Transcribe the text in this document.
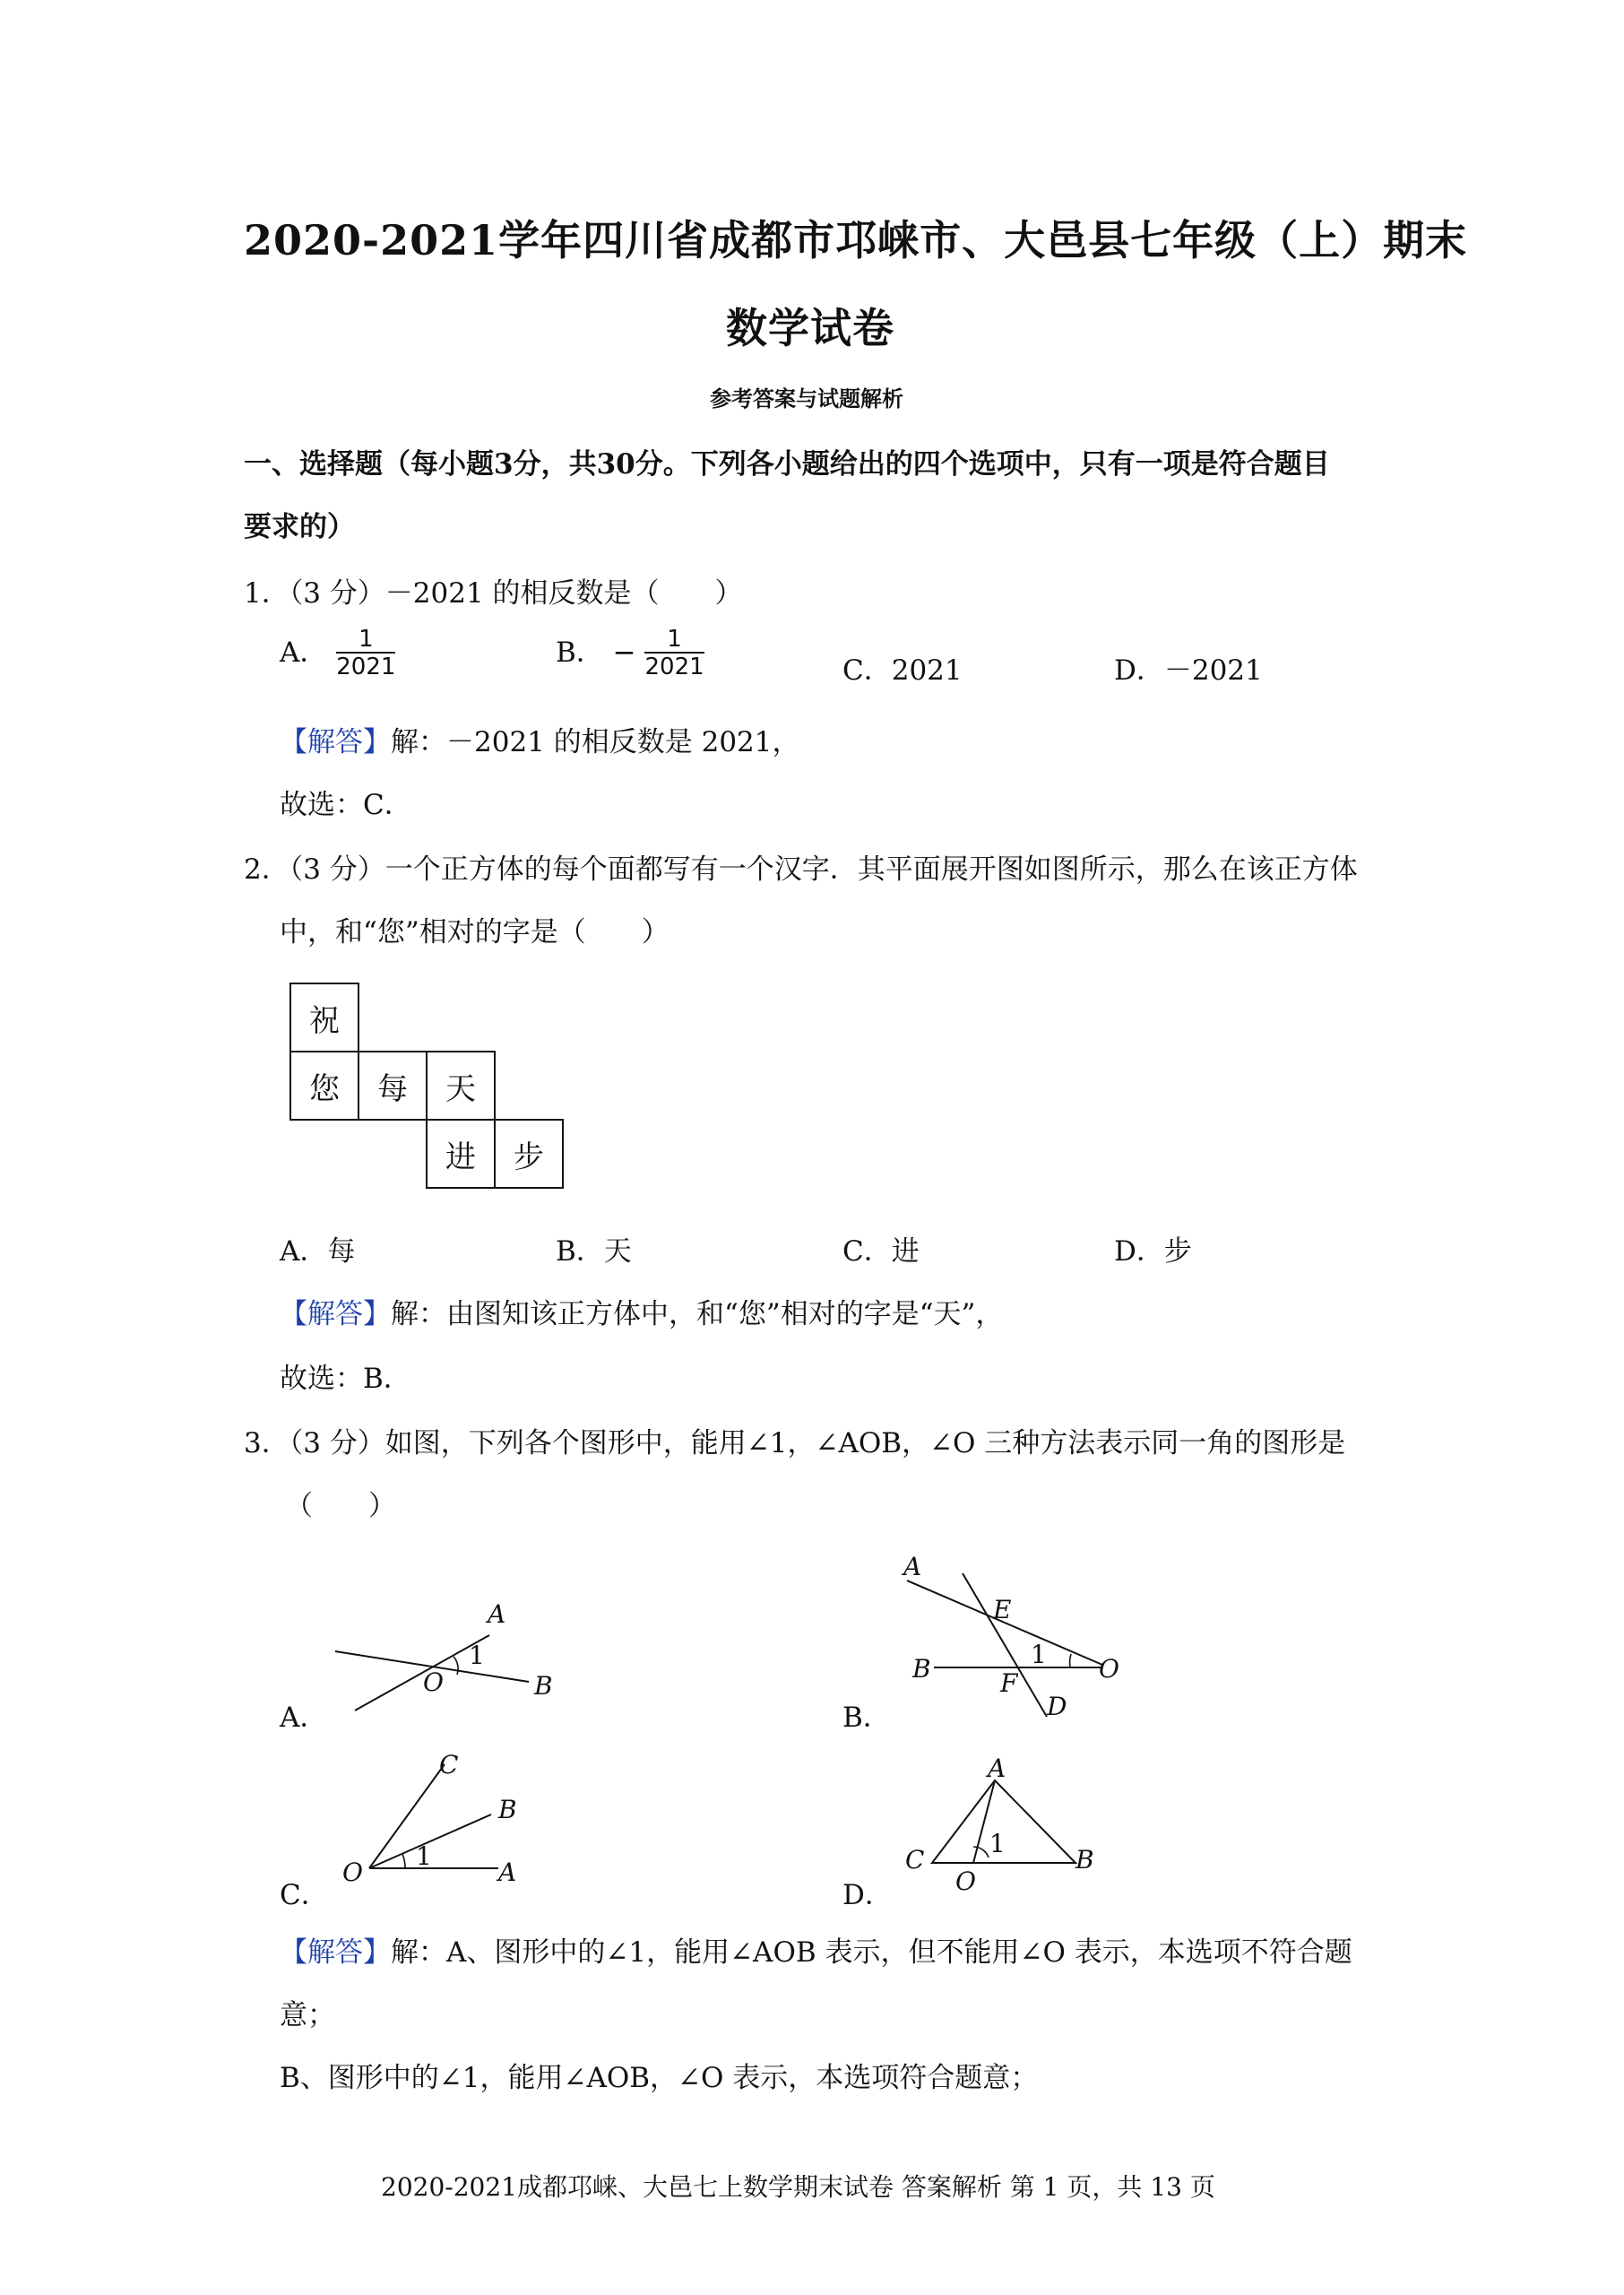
2020-2021学年四川省成都市邛崃市、大邑县七年级（上）期末
数学试卷
参考答案与试题解析
一、选择题（每小题3分，共30分。下列各小题给出的四个选项中，只有一项是符合题目
要求的）
1．（3 分）－2021 的相反数是（　　）
A． $\frac{1}{2021}$	B． − $\frac{1}{2021}$	C．2021	D．－2021
【解答】解：－2021 的相反数是 2021，
故选：C．
2．（3 分）一个正方体的每个面都写有一个汉字．其平面展开图如图所示，那么在该正方体
中，和“您”相对的字是（　　）
祝
您	每	天
进	步
A．每	B．天	C．进	D．步
【解答】解：由图知该正方体中，和“您”相对的字是“天”，
故选：B．
3．（3 分）如图，下列各个图形中，能用∠1，∠AOB，∠O 三种方法表示同一角的图形是
（　　）
A
1
O	B
A．
A
E
B	1 O
F
D
B．
C
B
1
O	A
C．
A
C
1
O
B
D．
【解答】解：A、图形中的∠1，能用∠AOB 表示，但不能用∠O 表示，本选项不符合题
意；
B、图形中的∠1，能用∠AOB，∠O 表示，本选项符合题意；
2020-2021成都邛崃、大邑七上数学期末试卷 答案解析 第 1 页，共 13 页
